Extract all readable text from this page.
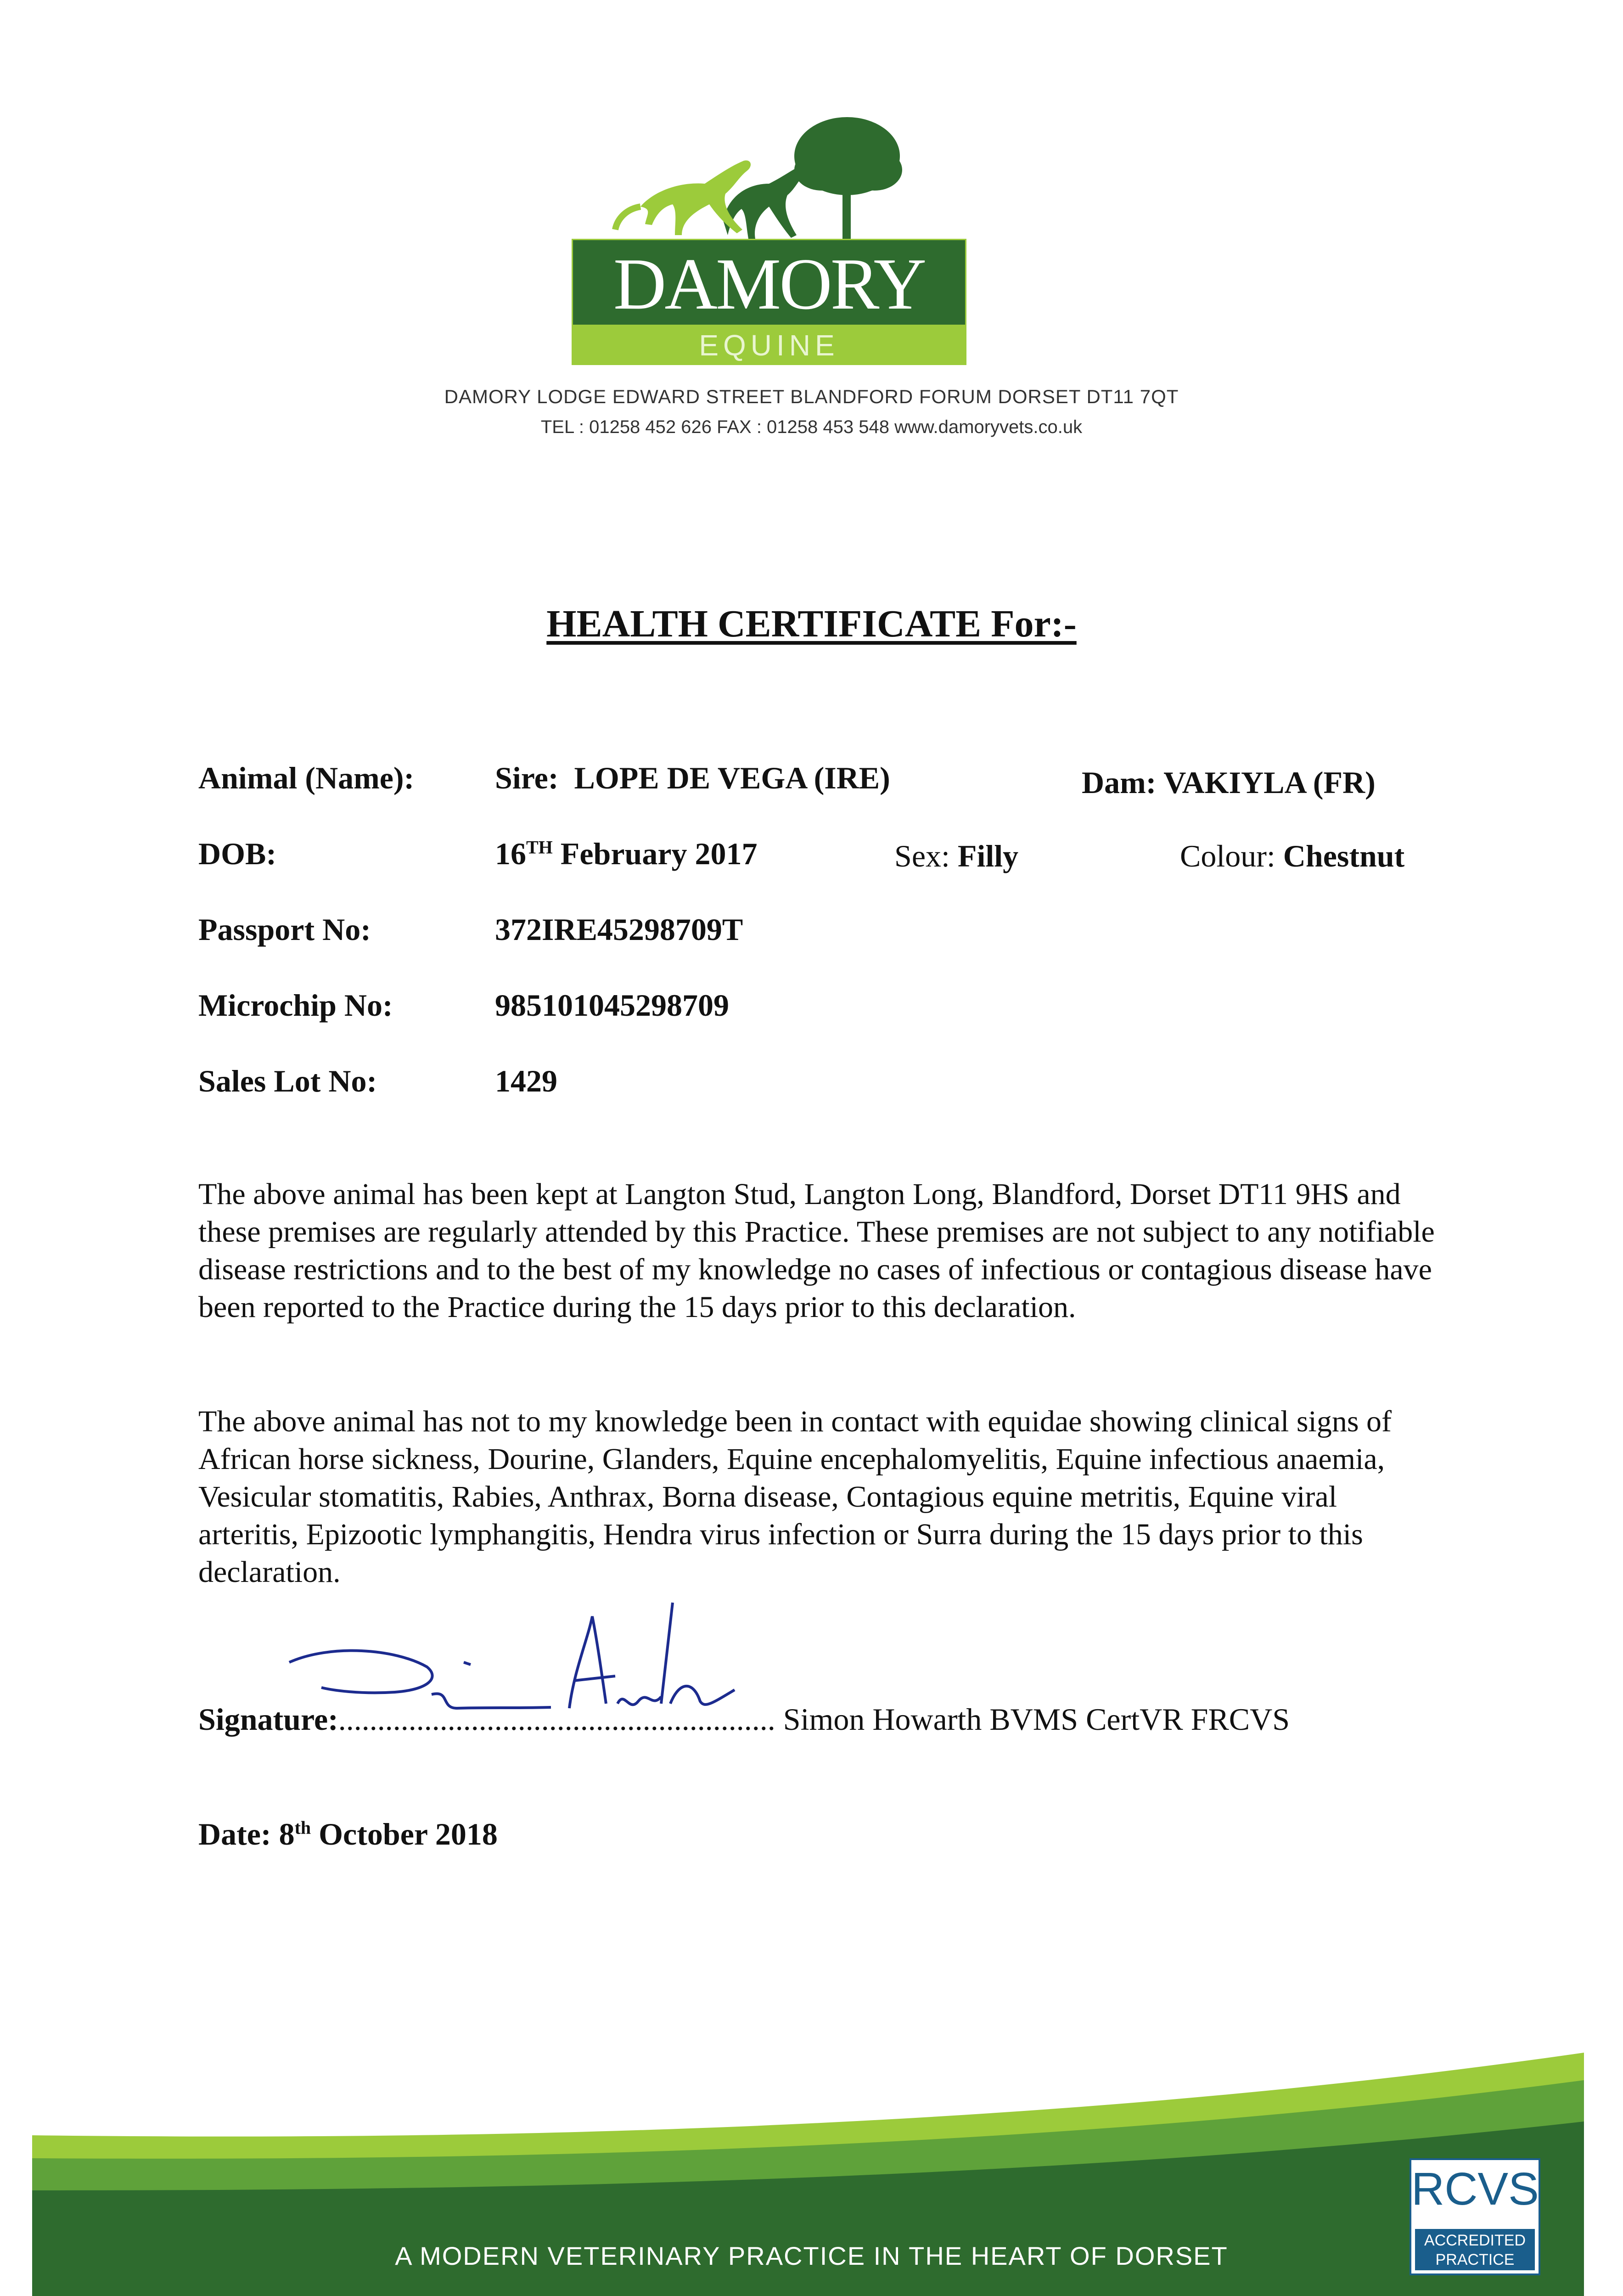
DAMORY
EQUINE
DAMORY LODGE EDWARD STREET BLANDFORD FORUM DORSET DT11 7QT
TEL : 01258 452 626 FAX : 01258 453 548 www.damoryvets.co.uk
HEALTH CERTIFICATE For:-
Animal (Name):	Sire: LOPE DE VEGA (IRE)	Dam: VAKIYLA (FR)
DOB:	16TH February 2017	Sex: Filly	Colour: Chestnut
Passport No:	372IRE45298709T
Microchip No:	985101045298709
Sales Lot No:	1429
The above animal has been kept at Langton Stud, Langton Long, Blandford, Dorset DT11 9HS and these premises are regularly attended by this Practice. These premises are not subject to any notifiable disease restrictions and to the best of my knowledge no cases of infectious or contagious disease have been reported to the Practice during the 15 days prior to this declaration.
The above animal has not to my knowledge been in contact with equidae showing clinical signs of African horse sickness, Dourine, Glanders, Equine encephalomyelitis, Equine infectious anaemia, Vesicular stomatitis, Rabies, Anthrax, Borna disease, Contagious equine metritis, Equine viral arteritis, Epizootic lymphangitis, Hendra virus infection or Surra during the 15 days prior to this declaration.
Signature:........................................................ Simon Howarth BVMS CertVR FRCVS
Date: 8th October 2018
A MODERN VETERINARY PRACTICE IN THE HEART OF DORSET
RCVS
ACCREDITED
PRACTICE
